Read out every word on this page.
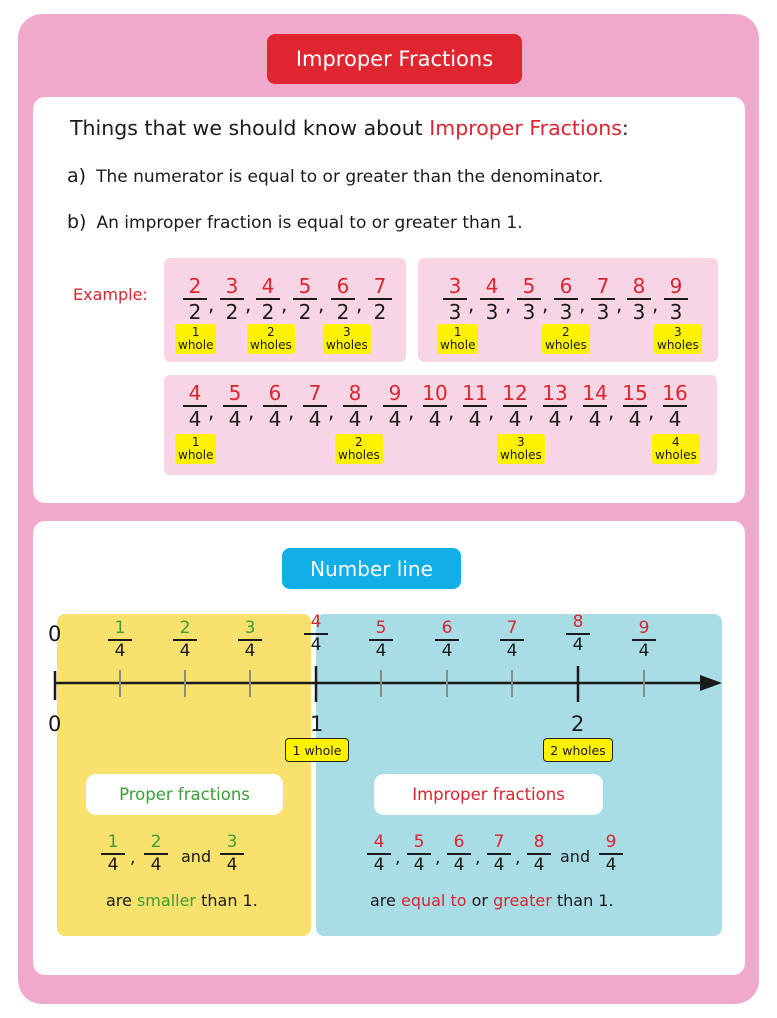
Improper Fractions
Things that we should know about Improper Fractions:
a) The numerator is equal to or greater than the denominator.
b) An improper fraction is equal to or greater than 1.
Example:	2
2 ,
3
2 ,
4
2 ,
5
2 ,
6
2 ,
7
2
1
whole
2
wholes
3
wholes
3
3 ,
4
3 ,
5
3 ,
6
3 ,
7
3 ,
8
3 ,
9
3
1
whole
2
wholes
3
wholes
4
4 ,
5
4 ,
6
4 ,
7
4 ,
8
4 ,
9
4 ,
10
4 ,
11
4 ,
12
4 ,
13
4 ,
14
4 ,
15
4 ,
16
4
1
whole
2
wholes
3
wholes
4
wholes
Number line
0
0	1	2
1
4
2
4
3
4
4
4
5
4
6
4
7
4
8
4
9
4
1 whole	2 wholes
Proper fractions	Improper fractions
1
4
2
4
3
4
,	and
4
4 ,
5
4 ,
6
4 ,
7
4 ,
8
4
9
4
and
are smaller than 1.	are equal to or greater than 1.
